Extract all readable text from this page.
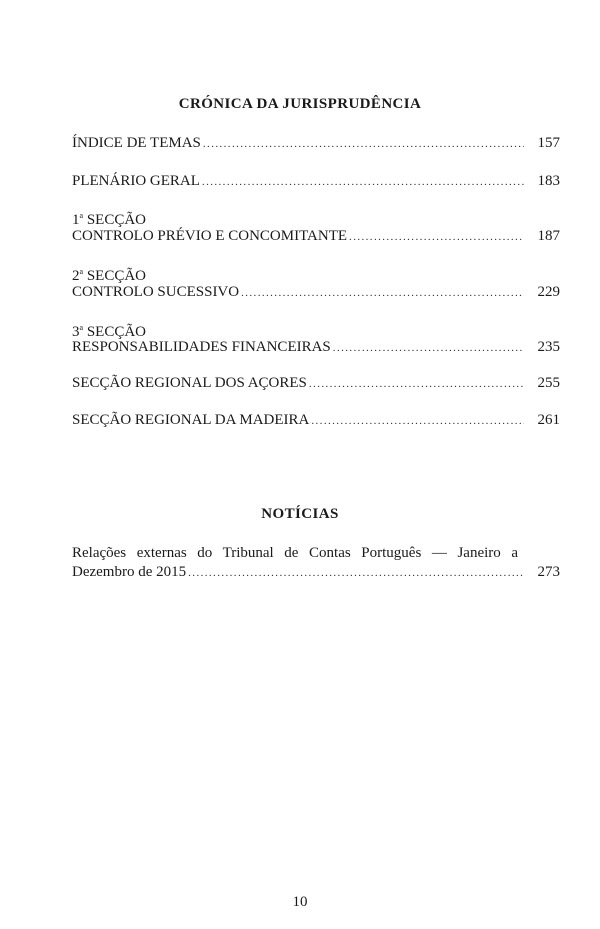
CRÓNICA DA JURISPRUDÊNCIA
ÍNDICE DE TEMAS .....	157
PLENÁRIO GERAL .....	183
1$^a$ SECÇÃO
CONTROLO PRÉVIO E CONCOMITANTE .....	187
2$^a$ SECÇÃO
CONTROLO SUCESSIVO .....	229
3$^a$ SECÇÃO
RESPONSABILIDADES FINANCEIRAS .....	235
SECÇÃO REGIONAL DOS AÇORES .....	255
SECÇÃO REGIONAL DA MADEIRA .....	261
NOTÍCIAS
Relações externas do Tribunal de Contas Português — Janeiro a
Dezembro de 2015 .....	273
10
